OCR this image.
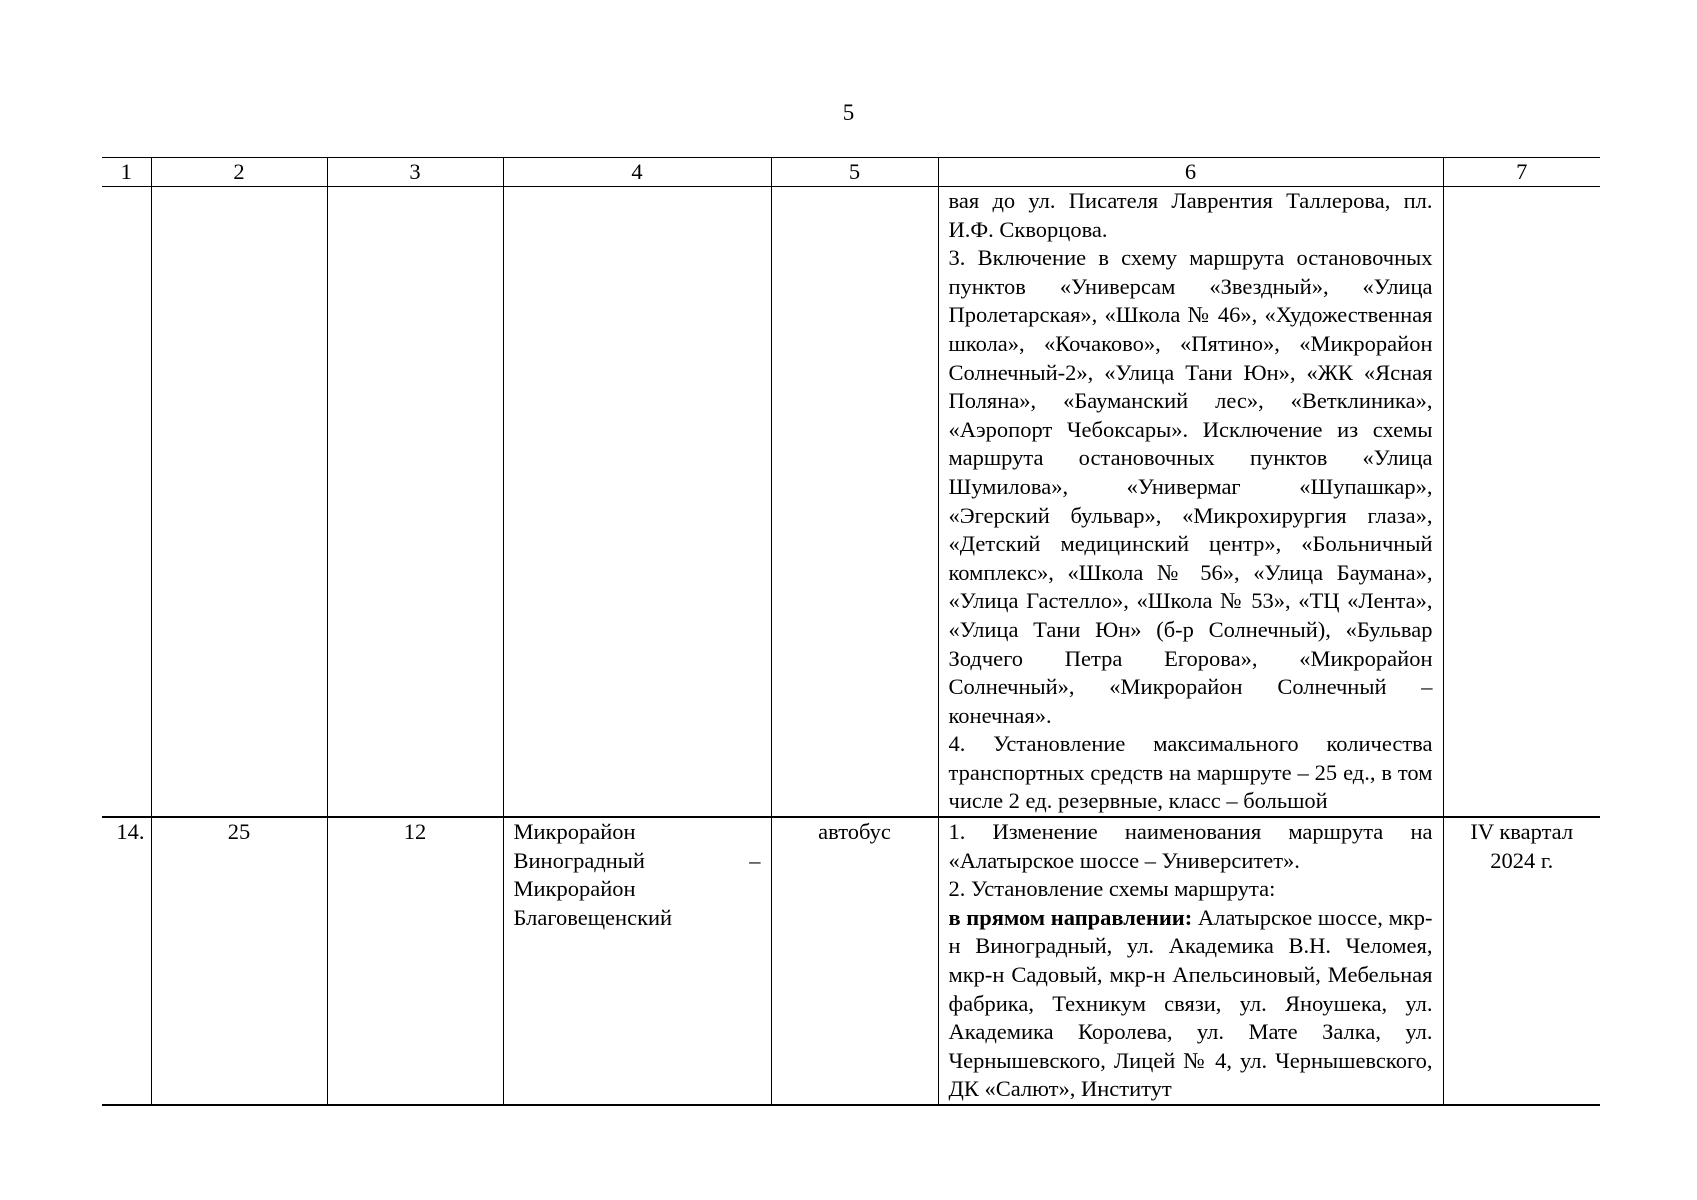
5
1	2	3	4	5	6	7

					вая до ул. Писателя Лаврентия Таллерова, пл. И.Ф. Скворцова.

3. Включение в схему маршрута остановочных пунктов «Универсам «Звездный», «Улица Пролетарская», «Школа № 46», «Художественная школа», «Кочаково», «Пятино», «Микрорайон Солнечный-2», «Улица Тани Юн», «ЖК «Ясная Поляна», «Бауманский лес», «Ветклиника», «Аэропорт Чебоксары». Исключение из схемы маршрута остановочных пунктов «Улица Шумилова», «Универмаг «Шупашкар», «Эгерский бульвар», «Микрохирургия глаза», «Детский медицинский центр», «Больничный комплекс», «Школа № 56», «Улица Баумана», «Улица Гастелло», «Школа № 53», «ТЦ «Лента», «Улица Тани Юн» (б-р Солнечный), «Бульвар Зодчего Петра Егорова», «Микрорайон Солнечный», «Микрорайон Солнечный – конечная».

4. Установление максимального количества транспортных средств на маршруте – 25 ед., в том числе 2 ед. резервные, класс – большой	

14.	25	12	Микрорайон Виноградный – Микрорайон Благовещенский	автобус	1. Изменение наименования маршрута на «Алатырское шоссе – Университет».

2. Установление схемы маршрута:

в прямом направлении: Алатырское шоссе, мкр-н Виноградный, ул. Академика В.Н. Челомея, мкр-н Садовый, мкр-н Апельсиновый, Мебельная фабрика, Техникум связи, ул. Яноушека, ул. Академика Королева, ул. Мате Залка, ул. Чернышевского, Лицей № 4, ул. Чернышевского, ДК «Салют», Институт	IV квартал 2024 г.
